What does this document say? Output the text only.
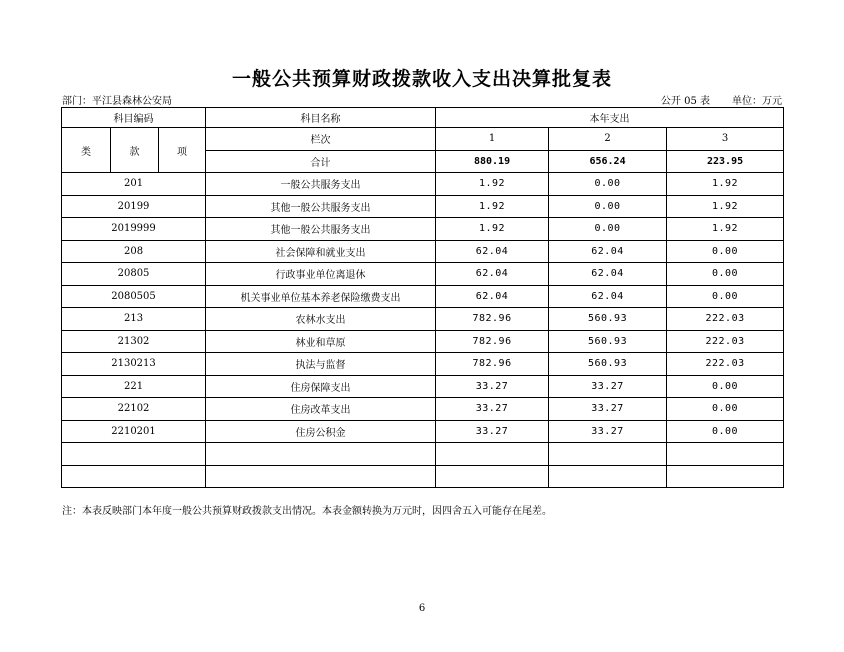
一般公共预算财政拨款收入支出决算批复表
部门：平江县森林公安局	公开 05 表 单位：万元
科目编码			科目名称	本年支出		
类	款	项	栏次	1	2	3
			合计	880.19	656.24	223.95
201			一般公共服务支出	1.92	0.00	1.92
20199			其他一般公共服务支出	1.92	0.00	1.92
2019999			其他一般公共服务支出	1.92	0.00	1.92
208			社会保障和就业支出	62.04	62.04	0.00
20805			行政事业单位离退休	62.04	62.04	0.00
2080505			机关事业单位基本养老保险缴费支出	62.04	62.04	0.00
213			农林水支出	782.96	560.93	222.03
21302			林业和草原	782.96	560.93	222.03
2130213			执法与监督	782.96	560.93	222.03
221			住房保障支出	33.27	33.27	0.00
22102			住房改革支出	33.27	33.27	0.00
2210201			住房公积金	33.27	33.27	0.00

注：本表反映部门本年度一般公共预算财政拨款支出情况。本表金额转换为万元时，因四舍五入可能存在尾差。
6
